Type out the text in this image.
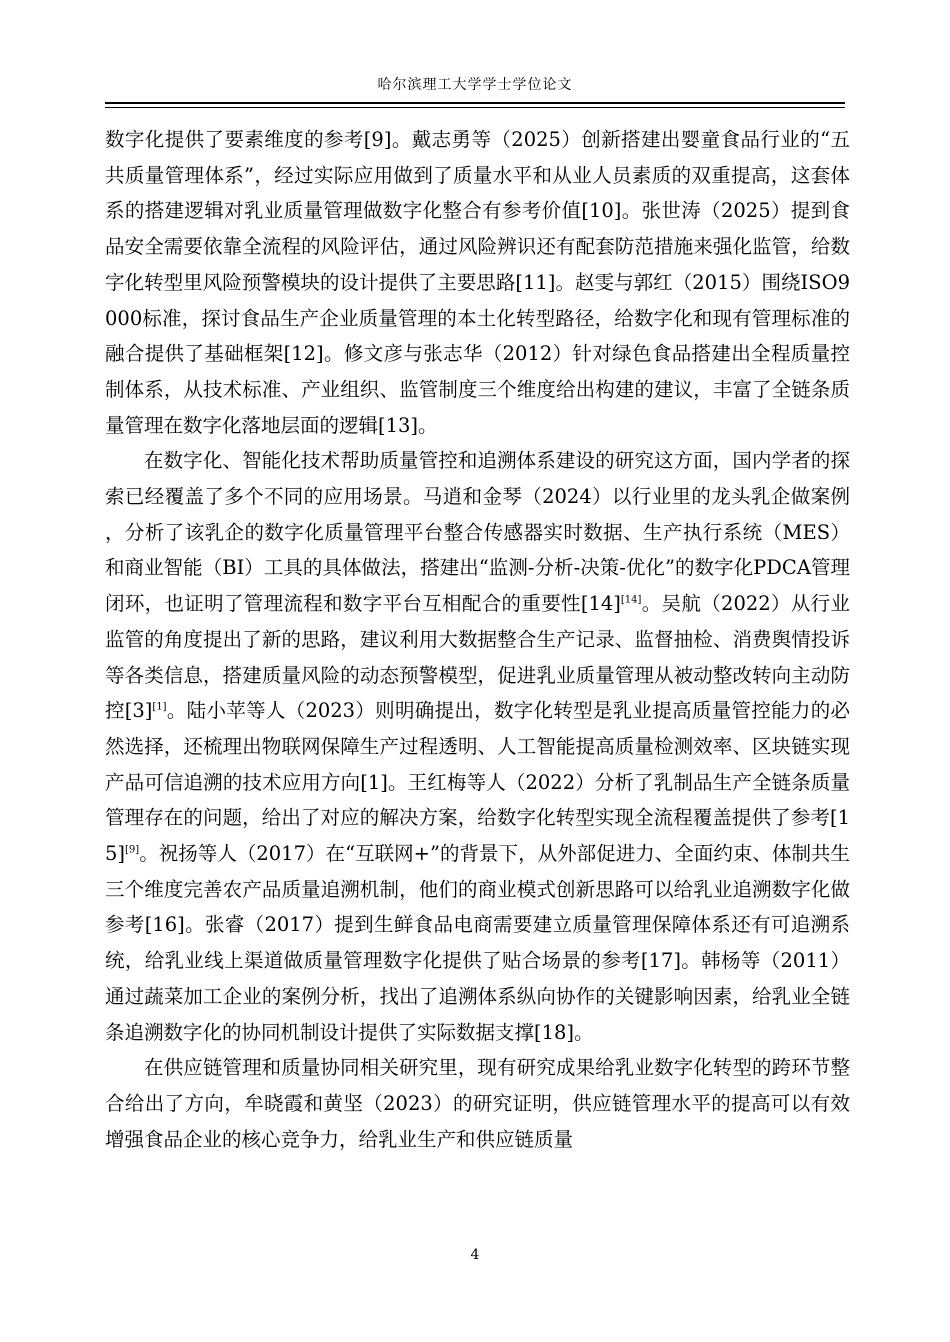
哈尔滨理工大学学士学位论文

数字化提供了要素维度的参考[9]。戴志勇等（2025）创新搭建出婴童食品行业的“五共质量管理体系”，经过实际应用做到了质量水平和从业人员素质的双重提高，这套体系的搭建逻辑对乳业质量管理做数字化整合有参考价值[10]。张世涛（2025）提到食品安全需要依靠全流程的风险评估，通过风险辨识还有配套防范措施来强化监管，给数字化转型里风险预警模块的设计提供了主要思路[11]。赵雯与郭红（2015）围绕ISO9000标准，探讨食品生产企业质量管理的本土化转型路径，给数字化和现有管理标准的融合提供了基础框架[12]。修文彦与张志华（2012）针对绿色食品搭建出全程质量控制体系，从技术标准、产业组织、监管制度三个维度给出构建的建议，丰富了全链条质量管理在数字化落地层面的逻辑[13]。

在数字化、智能化技术帮助质量管控和追溯体系建设的研究这方面，国内学者的探索已经覆盖了多个不同的应用场景。马逍和金琴（2024）以行业里的龙头乳企做案例，分析了该乳企的数字化质量管理平台整合传感器实时数据、生产执行系统（MES）和商业智能（BI）工具的具体做法，搭建出“监测-分析-决策-优化”的数字化PDCA管理闭环，也证明了管理流程和数字平台互相配合的重要性[14][14]。吴航（2022）从行业监管的角度提出了新的思路，建议利用大数据整合生产记录、监督抽检、消费舆情投诉等各类信息，搭建质量风险的动态预警模型，促进乳业质量管理从被动整改转向主动防控[3][1]。陆小苹等人（2023）则明确提出，数字化转型是乳业提高质量管控能力的必然选择，还梳理出物联网保障生产过程透明、人工智能提高质量检测效率、区块链实现产品可信追溯的技术应用方向[1]。王红梅等人（2022）分析了乳制品生产全链条质量管理存在的问题，给出了对应的解决方案，给数字化转型实现全流程覆盖提供了参考[15][9]。祝扬等人（2017）在“互联网+”的背景下，从外部促进力、全面约束、体制共生三个维度完善农产品质量追溯机制，他们的商业模式创新思路可以给乳业追溯数字化做参考[16]。张睿（2017）提到生鲜食品电商需要建立质量管理保障体系还有可追溯系统，给乳业线上渠道做质量管理数字化提供了贴合场景的参考[17]。韩杨等（2011）通过蔬菜加工企业的案例分析，找出了追溯体系纵向协作的关键影响因素，给乳业全链条追溯数字化的协同机制设计提供了实际数据支撑[18]。

在供应链管理和质量协同相关研究里，现有研究成果给乳业数字化转型的跨环节整合给出了方向，牟晓霞和黄坚（2023）的研究证明，供应链管理水平的提高可以有效增强食品企业的核心竞争力，给乳业生产和供应链质量

4
